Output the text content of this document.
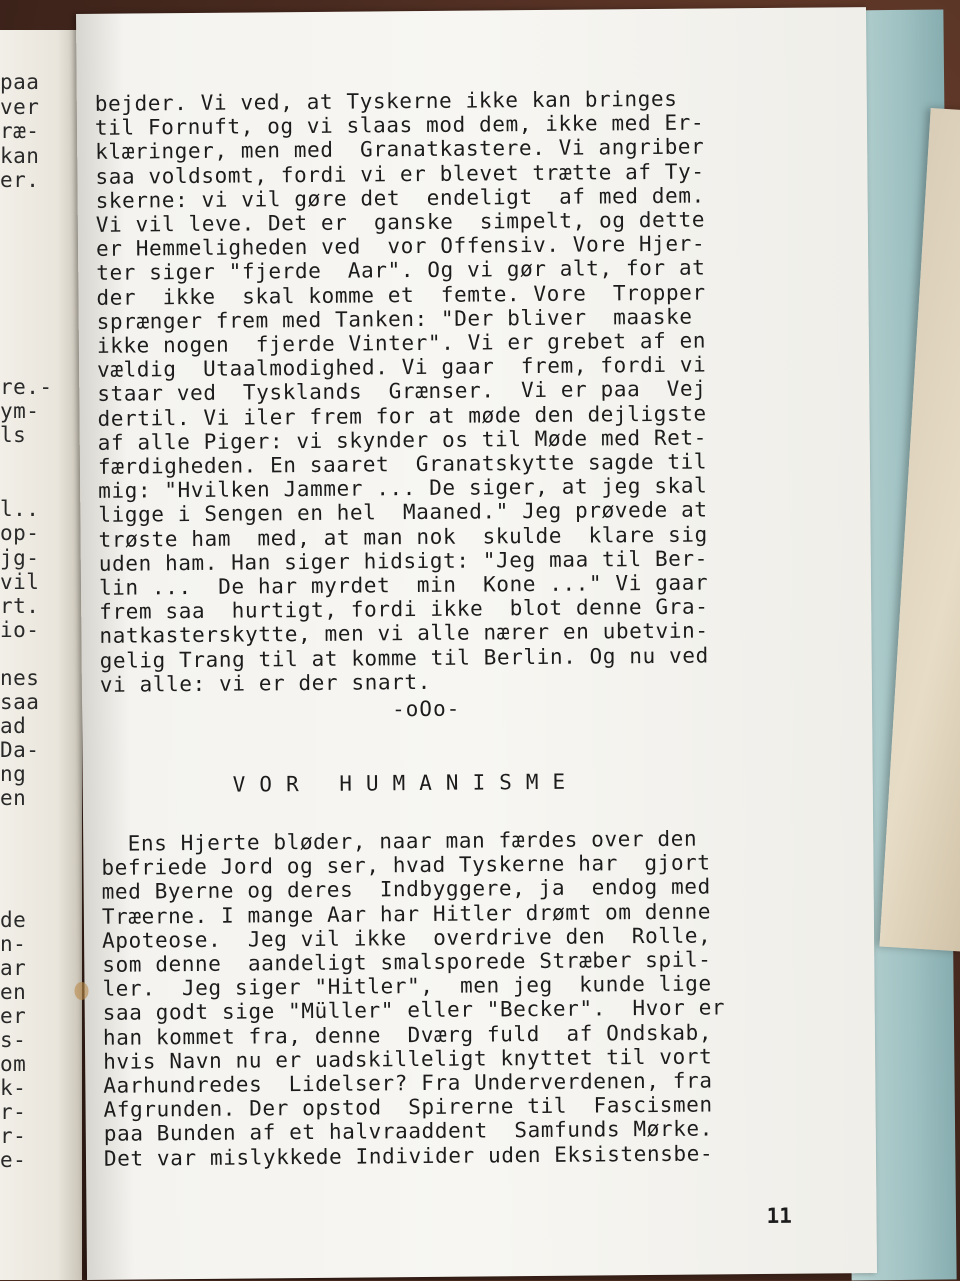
paa
ver
ræ-
kan
er.
re.-
ym-
ls
l..
op-
jg-
vil
rt.
io-
nes
saa
ad
Da-
ng
en
de
n-
ar
en
er
s-
om
k-
r-
r-
e-
bejder. Vi ved, at Tyskerne ikke kan bringes
til Fornuft, og vi slaas mod dem, ikke med Er-
klæringer, men med  Granatkastere. Vi angriber
saa voldsomt, fordi vi er blevet trætte af Ty-
skerne: vi vil gøre det  endeligt  af med dem.
Vi vil leve. Det er  ganske  simpelt, og dette
er Hemmeligheden ved  vor Offensiv. Vore Hjer-
ter siger "fjerde  Aar". Og vi gør alt, for at
der  ikke  skal komme et  femte. Vore  Tropper
sprænger frem med Tanken: "Der bliver  maaske
ikke nogen  fjerde Vinter". Vi er grebet af en
vældig  Utaalmodighed. Vi gaar  frem, fordi vi
staar ved  Tysklands  Grænser.  Vi er paa  Vej
dertil. Vi iler frem for at møde den dejligste
af alle Piger: vi skynder os til Møde med Ret-
færdigheden. En saaret  Granatskytte sagde til
mig: "Hvilken Jammer ... De siger, at jeg skal
ligge i Sengen en hel  Maaned." Jeg prøvede at
trøste ham  med, at man nok  skulde  klare sig
uden ham. Han siger hidsigt: "Jeg maa til Ber-
lin ...  De har myrdet  min  Kone ..." Vi gaar
frem saa  hurtigt, fordi ikke  blot denne Gra-
natkasterskytte, men vi alle nærer en ubetvin-
gelig Trang til at komme til Berlin. Og nu ved
vi alle: vi er der snart.
-oOo-
VOR HUMANISME
Ens Hjerte bløder, naar man færdes over den
befriede Jord og ser, hvad Tyskerne har  gjort
med Byerne og deres  Indbyggere, ja  endog med
Træerne. I mange Aar har Hitler drømt om denne
Apoteose.  Jeg vil ikke  overdrive den  Rolle,
som denne  aandeligt smalsporede Stræber spil-
ler.  Jeg siger "Hitler",  men jeg  kunde lige
saa godt sige "Müller" eller "Becker".  Hvor er
han kommet fra, denne  Dværg fuld  af Ondskab,
hvis Navn nu er uadskilleligt knyttet til vort
Aarhundredes  Lidelser? Fra Underverdenen, fra
Afgrunden. Der opstod  Spirerne til  Fascismen
paa Bunden af et halvraaddent  Samfunds Mørke.
Det var mislykkede Individer uden Eksistensbe-
11
